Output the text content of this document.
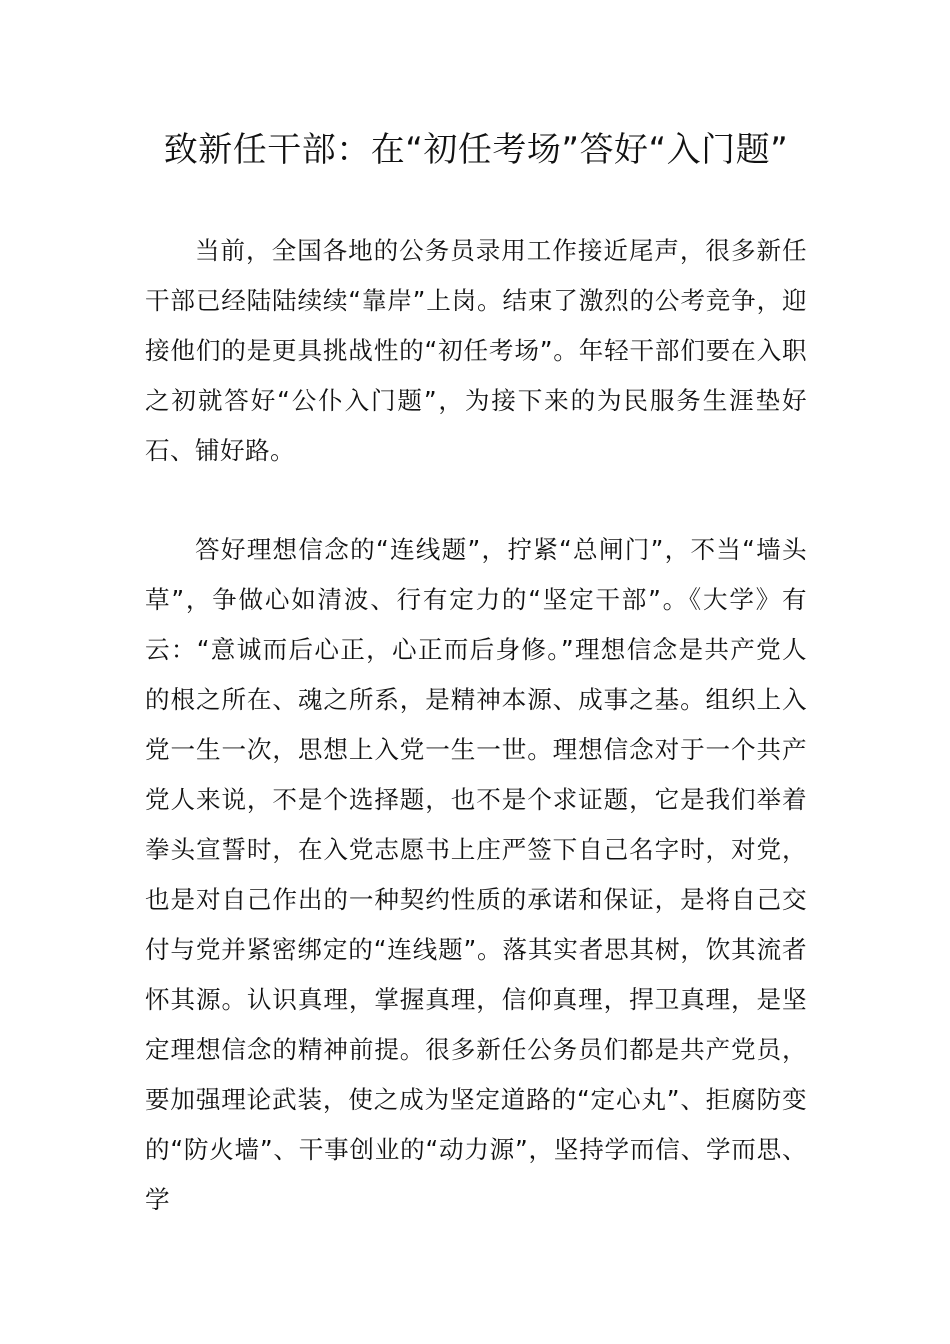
致新任干部：在“初任考场”答好“入门题”

当前，全国各地的公务员录用工作接近尾声，很多新任干部已经陆陆续续“靠岸”上岗。结束了激烈的公考竞争，迎接他们的是更具挑战性的“初任考场”。年轻干部们要在入职之初就答好“公仆入门题”，为接下来的为民服务生涯垫好石、铺好路。

答好理想信念的“连线题”，拧紧“总闸门”，不当“墙头草”，争做心如清波、行有定力的“坚定干部”。《大学》有云：“意诚而后心正，心正而后身修。”理想信念是共产党人的根之所在、魂之所系，是精神本源、成事之基。组织上入党一生一次，思想上入党一生一世。理想信念对于一个共产党人来说，不是个选择题，也不是个求证题，它是我们举着拳头宣誓时，在入党志愿书上庄严签下自己名字时，对党，也是对自己作出的一种契约性质的承诺和保证，是将自己交付与党并紧密绑定的“连线题”。落其实者思其树，饮其流者怀其源。认识真理，掌握真理，信仰真理，捍卫真理，是坚定理想信念的精神前提。很多新任公务员们都是共产党员，要加强理论武装，使之成为坚定道路的“定心丸”、拒腐防变的“防火墙”、干事创业的“动力源”，坚持学而信、学而思、学
